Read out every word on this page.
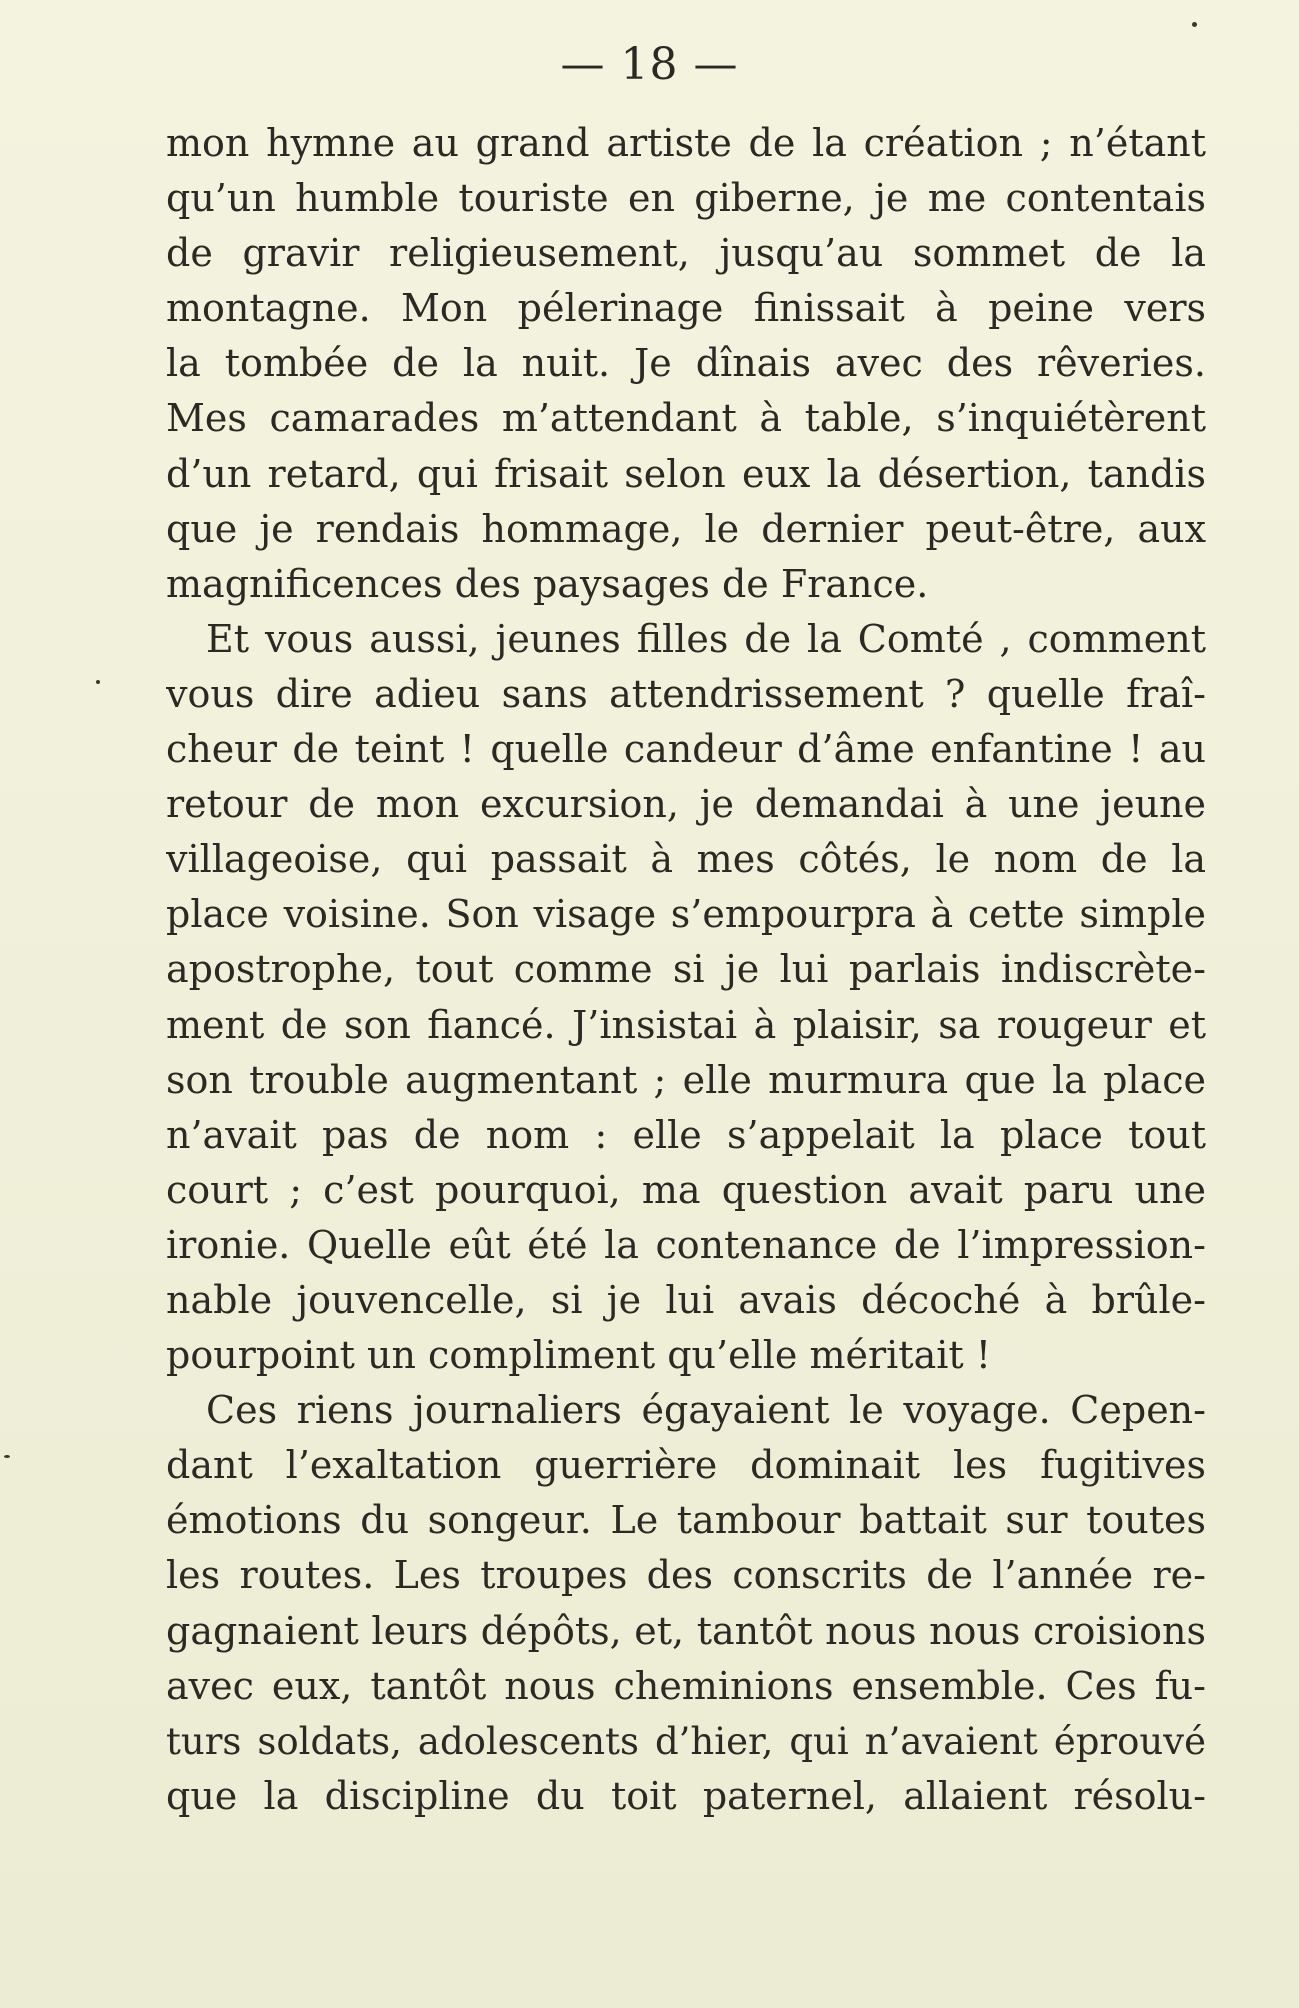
— 18 —
mon hymne au grand artiste de la création ; n’étant
qu’un humble touriste en giberne, je me contentais
de gravir religieusement, jusqu’au sommet de la
montagne. Mon pélerinage finissait à peine vers
la tombée de la nuit. Je dînais avec des rêveries.
Mes camarades m’attendant à table, s’inquiétèrent
d’un retard, qui frisait selon eux la désertion, tandis
que je rendais hommage, le dernier peut-être, aux
magnificences des paysages de France.
Et vous aussi, jeunes filles de la Comté , comment
vous dire adieu sans attendrissement ? quelle fraî-
cheur de teint ! quelle candeur d’âme enfantine ! au
retour de mon excursion, je demandai à une jeune
villageoise, qui passait à mes côtés, le nom de la
place voisine. Son visage s’empourpra à cette simple
apostrophe, tout comme si je lui parlais indiscrète-
ment de son fiancé. J’insistai à plaisir, sa rougeur et
son trouble augmentant ; elle murmura que la place
n’avait pas de nom : elle s’appelait la place tout
court ; c’est pourquoi, ma question avait paru une
ironie. Quelle eût été la contenance de l’impression-
nable jouvencelle, si je lui avais décoché à brûle-
pourpoint un compliment qu’elle méritait !
Ces riens journaliers égayaient le voyage. Cepen-
dant l’exaltation guerrière dominait les fugitives
émotions du songeur. Le tambour battait sur toutes
les routes. Les troupes des conscrits de l’année re-
gagnaient leurs dépôts, et, tantôt nous nous croisions
avec eux, tantôt nous cheminions ensemble. Ces fu-
turs soldats, adolescents d’hier, qui n’avaient éprouvé
que la discipline du toit paternel, allaient résolu-
